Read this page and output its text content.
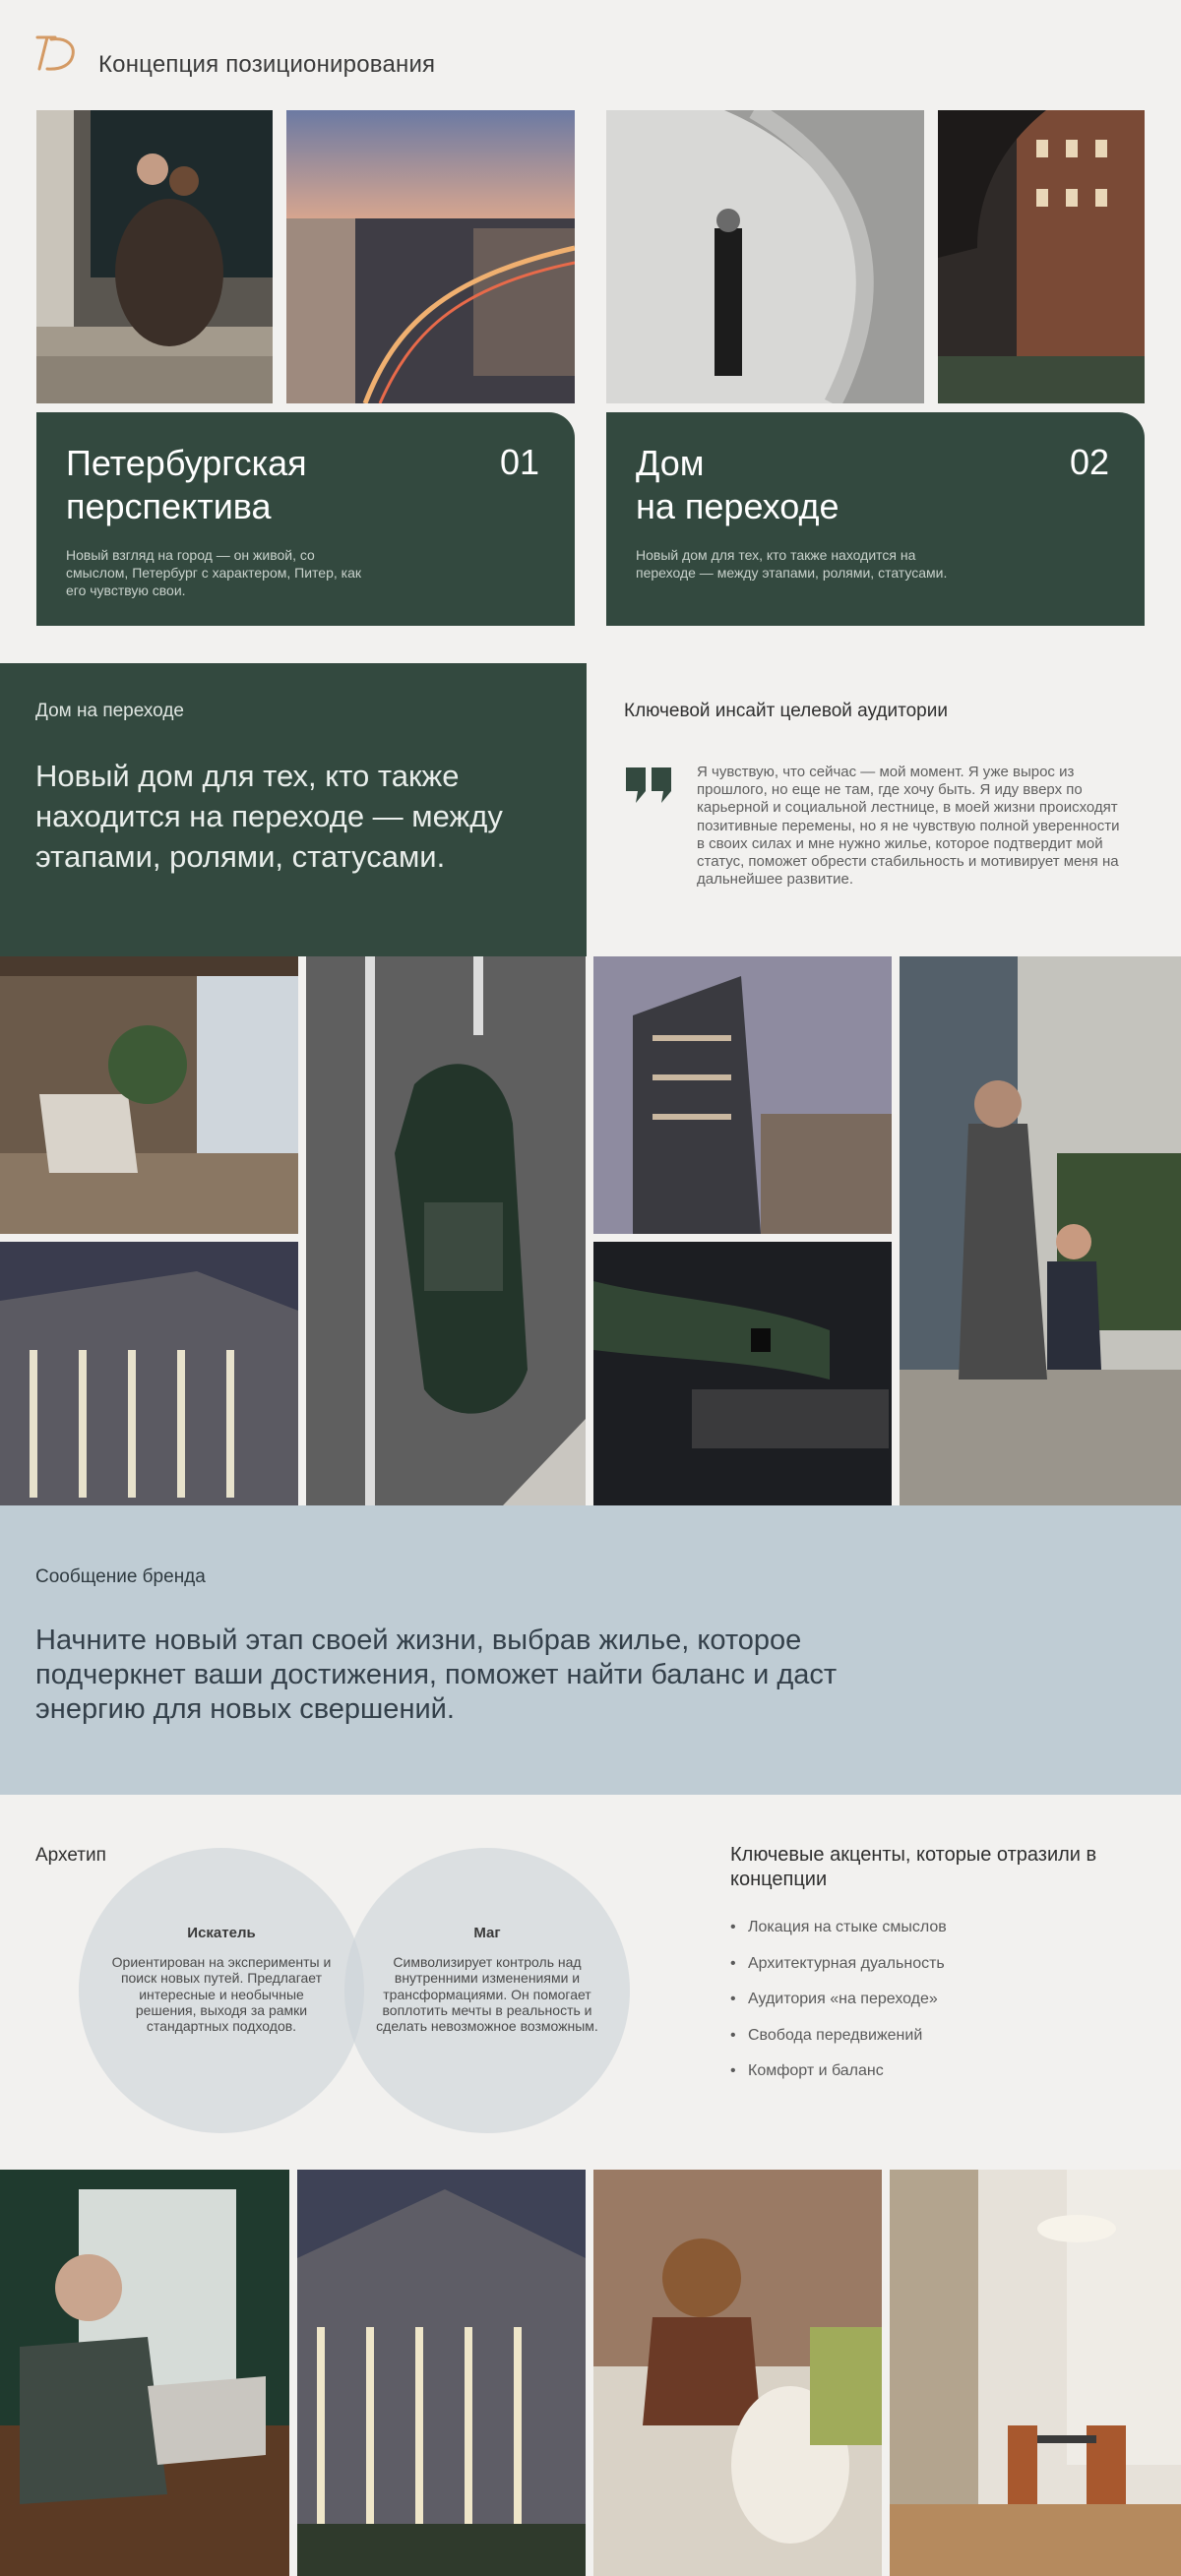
Концепция позиционирования
Петербургская
перспектива
01
Новый взгляд на город — он живой, со смыслом, Петербург с характером, Питер, как его чувствую свои.
Дом
на переходе
02
Новый дом для тех, кто также находится на переходе — между этапами, ролями, статусами.
Дом на переходе
Новый дом для тех, кто также находится на переходе — между этапами, ролями, статусами.
Ключевой инсайт целевой аудитории
Я чувствую, что сейчас — мой момент. Я уже вырос из прошлого, но еще не там, где хочу быть. Я иду вверх по карьерной и социальной лестнице, в моей жизни происходят позитивные перемены, но я не чувствую полной уверенности в своих силах и мне нужно жилье, которое подтвердит мой статус, поможет обрести стабильность и мотивирует меня на дальнейшее развитие.
Сообщение бренда
Начните новый этап своей жизни, выбрав жилье, которое подчеркнет ваши достижения, поможет найти баланс и даст энергию для новых свершений.
Архетип
Искатель
Ориентирован на эксперименты и поиск новых путей. Предлагает интересные и необычные решения, выходя за рамки стандартных подходов.
Маг
Символизирует контроль над внутренними изменениями и трансформациями. Он помогает воплотить мечты в реальность и сделать невозможное возможным.
Ключевые акценты, которые отразили в концепции
• Локация на стыке смыслов
• Архитектурная дуальность
• Аудитория «на переходе»
• Свобода передвижений
• Комфорт и баланс
